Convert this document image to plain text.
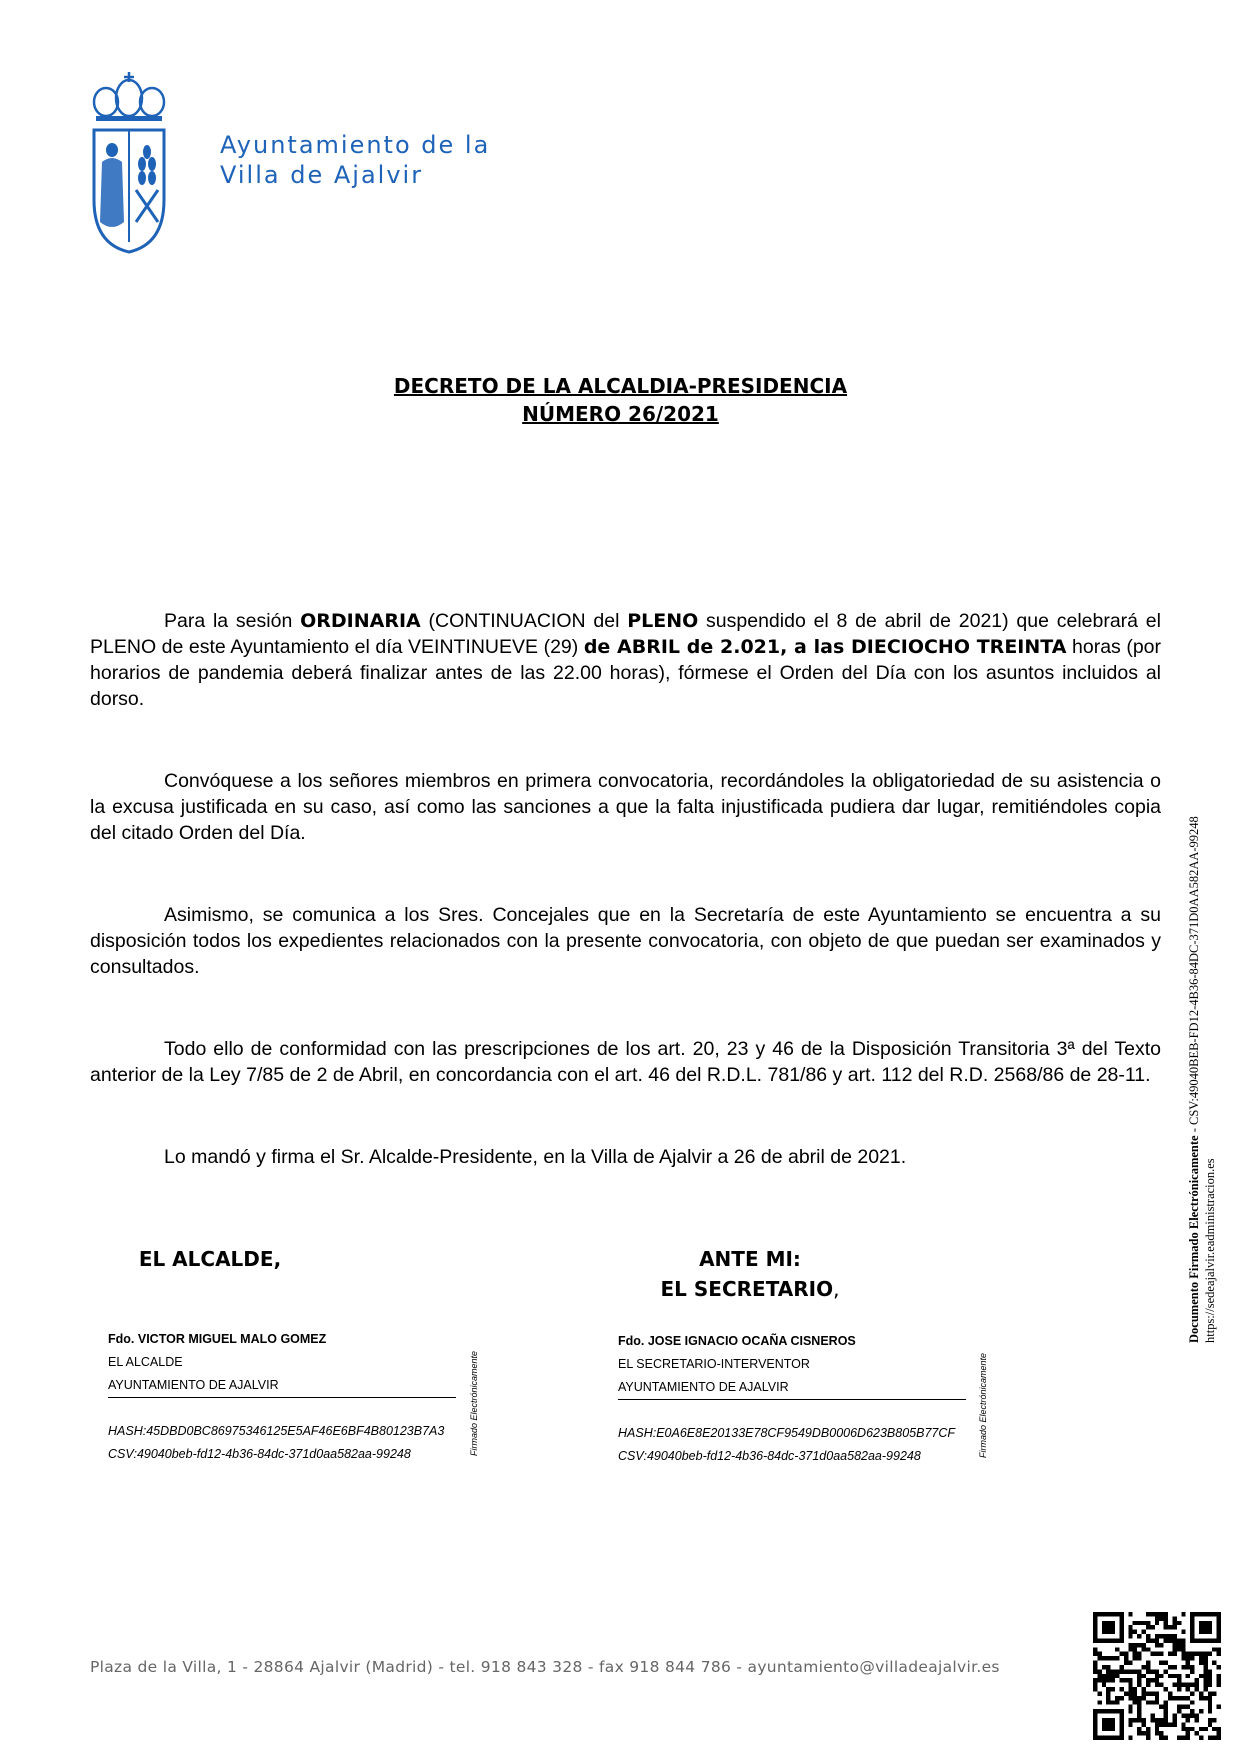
Ayuntamiento de la
Villa de Ajalvir
DECRETO DE LA ALCALDIA-PRESIDENCIA
NÚMERO 26/2021

Para la sesión ORDINARIA (CONTINUACION del PLENO suspendido el 8 de abril de 2021) que celebrará el PLENO de este Ayuntamiento el día VEINTINUEVE (29) de ABRIL de 2.021, a las DIECIOCHO TREINTA horas (por horarios de pandemia deberá finalizar antes de las 22.00 horas), fórmese el Orden del Día con los asuntos incluidos al dorso.

Convóquese a los señores miembros en primera convocatoria, recordándoles la obligatoriedad de su asistencia o la excusa justificada en su caso, así como las sanciones a que la falta injustificada pudiera dar lugar, remitiéndoles copia del citado Orden del Día.

Asimismo, se comunica a los Sres. Concejales que en la Secretaría de este Ayuntamiento se encuentra a su disposición todos los expedientes relacionados con la presente convocatoria, con objeto de que puedan ser examinados y consultados.

Todo ello de conformidad con las prescripciones de los art. 20, 23 y 46 de la Disposición Transitoria 3ª del Texto anterior de la Ley 7/85 de 2 de Abril, en concordancia con el art. 46 del R.D.L. 781/86 y art. 112 del R.D. 2568/86 de 28-11.

Lo mandó y firma el Sr. Alcalde-Presidente, en la Villa de Ajalvir a 26 de abril de 2021.

EL ALCALDE,	ANTE MI:
EL SECRETARIO,
Fdo. VICTOR MIGUEL MALO GOMEZ
EL ALCALDE
AYUNTAMIENTO DE AJALVIR
HASH:45DBD0BC86975346125E5AF46E6BF4B80123B7A3
CSV:49040beb-fd12-4b36-84dc-371d0aa582aa-99248	Firmado Electrónicamente
Fdo. JOSE IGNACIO OCAÑA CISNEROS
EL SECRETARIO-INTERVENTOR
AYUNTAMIENTO DE AJALVIR
HASH:E0A6E8E20133E78CF9549DB0006D623B805B77CF
CSV:49040beb-fd12-4b36-84dc-371d0aa582aa-99248	Firmado Electrónicamente
Documento Firmado Electrónicamente - CSV:49040BEB-FD12-4B36-84DC-371D0AA582AA-99248
https://sedeajalvir.eadministracion.es
Plaza de la Villa, 1 - 28864 Ajalvir (Madrid) - tel. 918 843 328 - fax 918 844 786 - ayuntamiento@villadeajalvir.es
